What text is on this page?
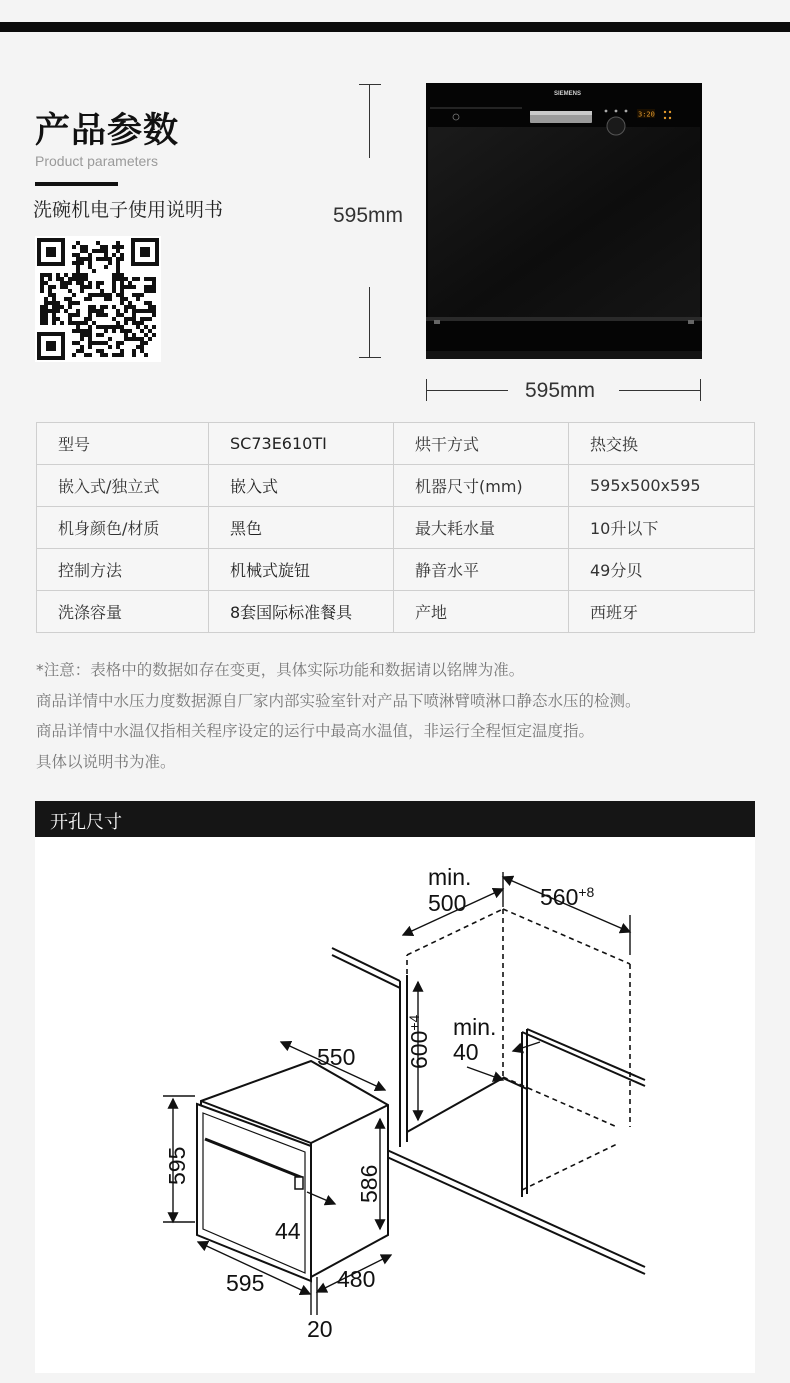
产品参数
Product parameters
洗碗机电子使用说明书	595mm
595mm
3:20
SIEMENS
型号	SC73E610TI	烘干方式	热交换
嵌入式/独立式	嵌入式	机器尺寸(mm)	595x500x595
机身颜色/材质	黑色	最大耗水量	10升以下
控制方法	机械式旋钮	静音水平	49分贝
洗涤容量	8套国际标准餐具	产地	西班牙

*注意：表格中的数据如存在变更，具体实际功能和数据请以铭牌为准。

商品详情中水压力度数据源自厂家内部实验室针对产品下喷淋臂喷淋口静态水压的检测。

商品详情中水温仅指相关程序设定的运行中最高水温值，非运行全程恒定温度指。

具体以说明书为准。

开孔尺寸
min.
500	$560^{+8}$
$600^{+4}$	min.
40
550
595	586
44
595	480
20
